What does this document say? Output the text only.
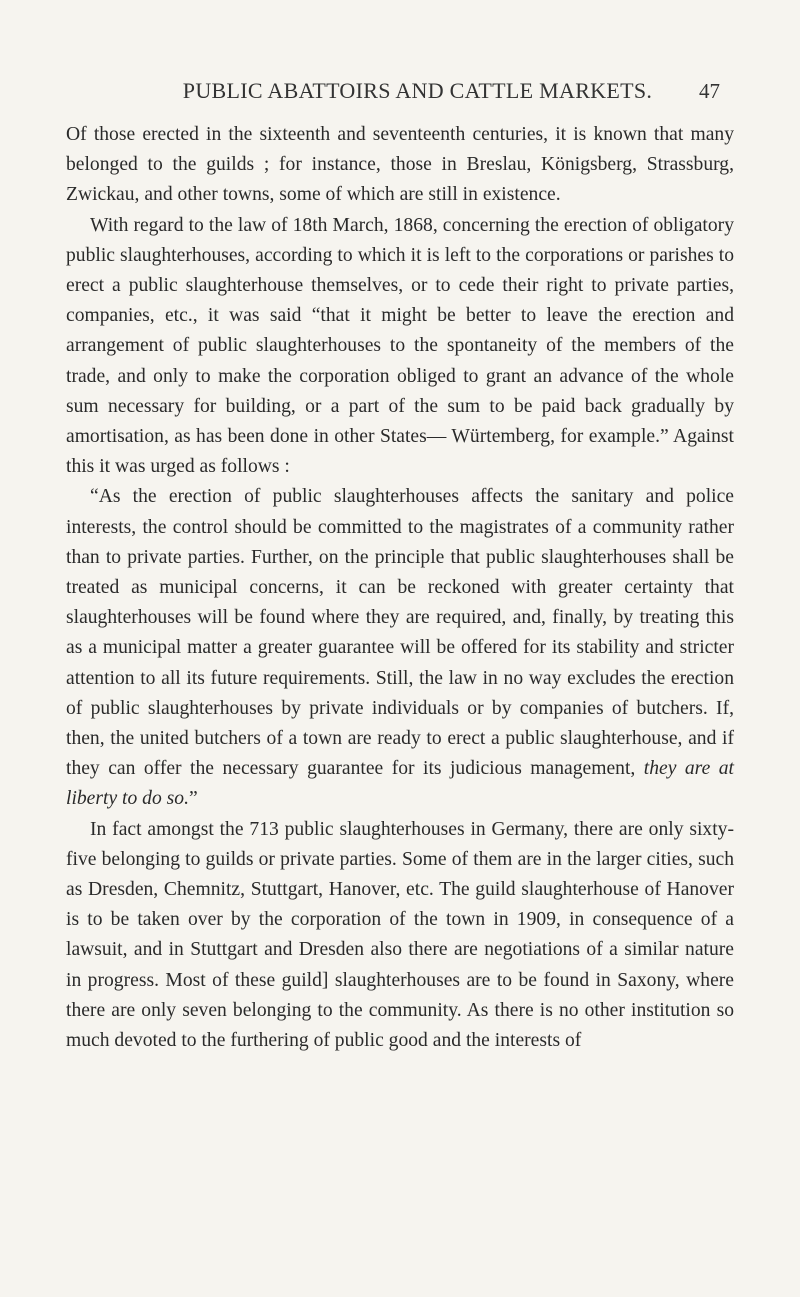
PUBLIC ABATTOIRS AND CATTLE MARKETS.	47

Of those erected in the sixteenth and seventeenth centuries, it is known that many belonged to the guilds ; for instance, those in Breslau, Königsberg, Strassburg, Zwickau, and other towns, some of which are still in existence.

With regard to the law of 18th March, 1868, concerning the erection of obligatory public slaughterhouses, according to which it is left to the corporations or parishes to erect a public slaughterhouse themselves, or to cede their right to private parties, companies, etc., it was said “that it might be better to leave the erection and arrangement of public slaughterhouses to the spontaneity of the members of the trade, and only to make the corporation obliged to grant an advance of the whole sum necessary for building, or a part of the sum to be paid back gradually by amortisation, as has been done in other States— Würtemberg, for example.” Against this it was urged as follows :

“As the erection of public slaughterhouses affects the sanitary and police interests, the control should be committed to the magistrates of a community rather than to private parties. Further, on the principle that public slaughterhouses shall be treated as municipal concerns, it can be reckoned with greater certainty that slaughterhouses will be found where they are required, and, finally, by treating this as a municipal matter a greater guarantee will be offered for its stability and stricter attention to all its future requirements. Still, the law in no way excludes the erection of public slaughterhouses by private individuals or by companies of butchers. If, then, the united butchers of a town are ready to erect a public slaughterhouse, and if they can offer the necessary guarantee for its judicious management, they are at liberty to do so.”

In fact amongst the 713 public slaughterhouses in Germany, there are only sixty-five belonging to guilds or private parties. Some of them are in the larger cities, such as Dresden, Chemnitz, Stuttgart, Hanover, etc. The guild slaughterhouse of Hanover is to be taken over by the corporation of the town in 1909, in consequence of a lawsuit, and in Stuttgart and Dresden also there are negotiations of a similar nature in progress. Most of these guild] slaughterhouses are to be found in Saxony, where there are only seven belonging to the community. As there is no other institution so much devoted to the furthering of public good and the interests of
